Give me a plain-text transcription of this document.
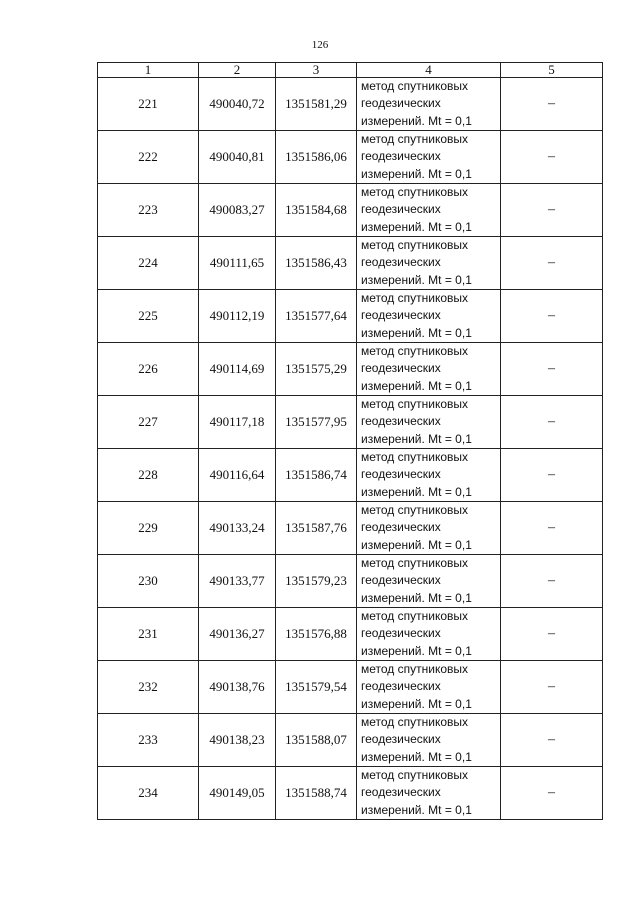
126
1	2	3	4	5
221	490040,72	1351581,29	метод спутниковых
геодезических
измерений. Mt = 0,1	–
222	490040,81	1351586,06	метод спутниковых
геодезических
измерений. Mt = 0,1	–
223	490083,27	1351584,68	метод спутниковых
геодезических
измерений. Mt = 0,1	–
224	490111,65	1351586,43	метод спутниковых
геодезических
измерений. Mt = 0,1	–
225	490112,19	1351577,64	метод спутниковых
геодезических
измерений. Mt = 0,1	–
226	490114,69	1351575,29	метод спутниковых
геодезических
измерений. Mt = 0,1	–
227	490117,18	1351577,95	метод спутниковых
геодезических
измерений. Mt = 0,1	–
228	490116,64	1351586,74	метод спутниковых
геодезических
измерений. Mt = 0,1	–
229	490133,24	1351587,76	метод спутниковых
геодезических
измерений. Mt = 0,1	–
230	490133,77	1351579,23	метод спутниковых
геодезических
измерений. Mt = 0,1	–
231	490136,27	1351576,88	метод спутниковых
геодезических
измерений. Mt = 0,1	–
232	490138,76	1351579,54	метод спутниковых
геодезических
измерений. Mt = 0,1	–
233	490138,23	1351588,07	метод спутниковых
геодезических
измерений. Mt = 0,1	–
234	490149,05	1351588,74	метод спутниковых
геодезических
измерений. Mt = 0,1	–
